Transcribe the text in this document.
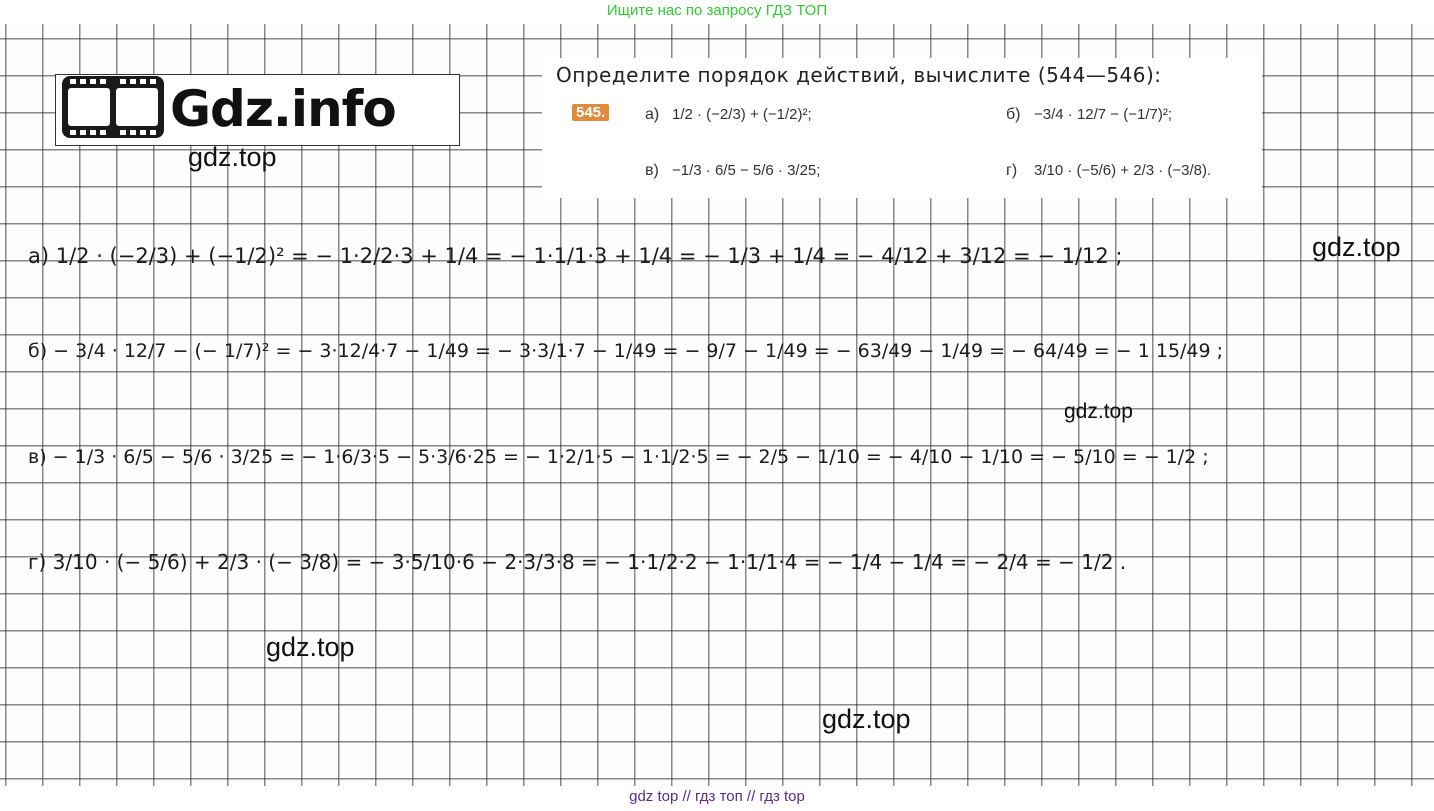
Ищите нас по запросу ГДЗ ТОП
Gdz.info
gdz.top
gdz.top
gdz.top
gdz.top
gdz.top
Определите порядок действий, вычислите (544—546):
545. а) 1/2 · (−2/3) + (−1/2)²;	б) −3/4 · 12/7 − (−1/7)²;
в) −1/3 · 6/5 − 5/6 · 3/25;	г) 3/10 · (−5/6) + 2/3 · (−3/8).
а) 1/2 · (−2/3) + (−1/2)² = − 1·2/2·3 + 1/4 = − 1·1/1·3 + 1/4 = − 1/3 + 1/4 = − 4/12 + 3/12 = − 1/12 ;
б) − 3/4 · 12/7 − (− 1/7)² = − 3·12/4·7 − 1/49 = − 3·3/1·7 − 1/49 = − 9/7 − 1/49 = − 63/49 − 1/49 = − 64/49 = − 1 15/49 ;
в) − 1/3 · 6/5 − 5/6 · 3/25 = − 1·6/3·5 − 5·3/6·25 = − 1·2/1·5 − 1·1/2·5 = − 2/5 − 1/10 = − 4/10 − 1/10 = − 5/10 = − 1/2 ;
г) 3/10 · (− 5/6) + 2/3 · (− 3/8) = − 3·5/10·6 − 2·3/3·8 = − 1·1/2·2 − 1·1/1·4 = − 1/4 − 1/4 = − 2/4 = − 1/2 .
gdz top // гдз топ // гдз top
